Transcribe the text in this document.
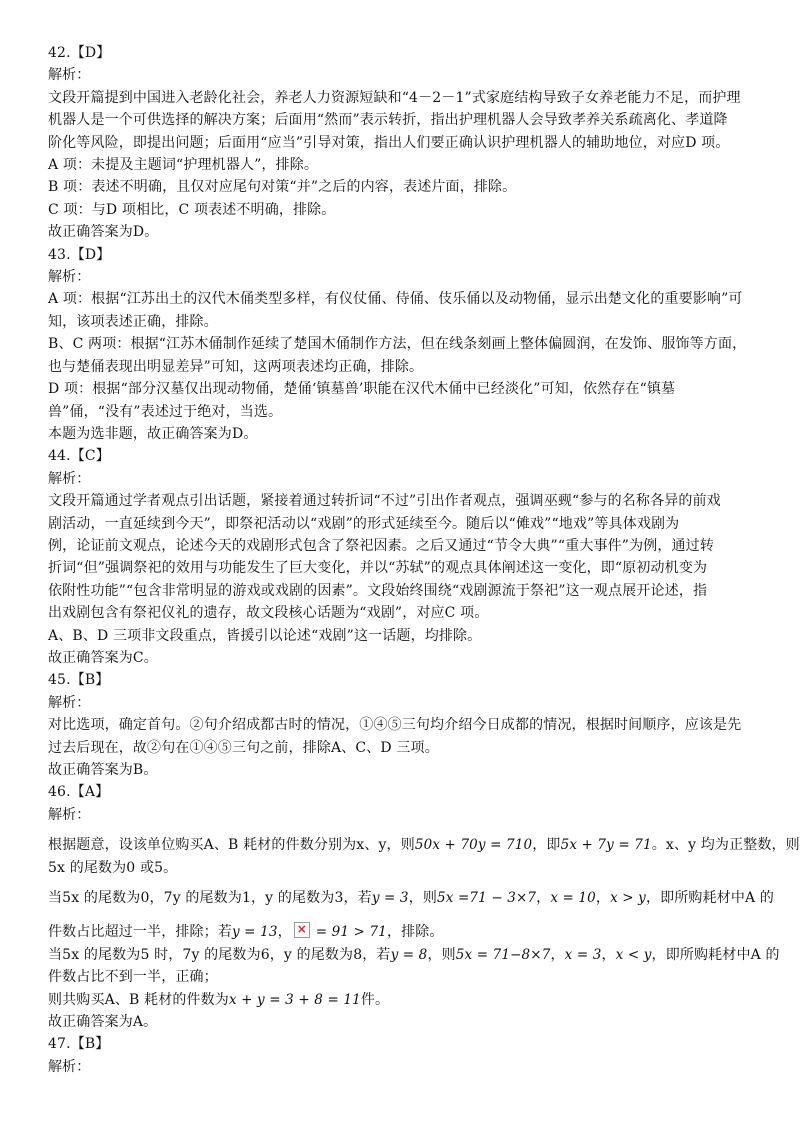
42.【D】
解析：
文段开篇提到中国进入老龄化社会，养老人力资源短缺和“4－2－1”式家庭结构导致子女养老能力不足，而护理
机器人是一个可供选择的解决方案；后面用“然而”表示转折，指出护理机器人会导致孝养关系疏离化、孝道降
阶化等风险，即提出问题；后面用“应当”引导对策，指出人们要正确认识护理机器人的辅助地位，对应D 项。
A 项：未提及主题词“护理机器人”，排除。
B 项：表述不明确，且仅对应尾句对策“并”之后的内容，表述片面，排除。
C 项：与D 项相比，C 项表述不明确，排除。
故正确答案为D。
43.【D】
解析：
A 项：根据“江苏出土的汉代木俑类型多样，有仪仗俑、侍俑、伎乐俑以及动物俑，显示出楚文化的重要影响”可
知，该项表述正确，排除。
B、C 两项：根据“江苏木俑制作延续了楚国木俑制作方法，但在线条刻画上整体偏圆润，在发饰、服饰等方面，
也与楚俑表现出明显差异”可知，这两项表述均正确，排除。
D 项：根据“部分汉墓仅出现动物俑，楚俑‘镇墓兽’职能在汉代木俑中已经淡化”可知，依然存在“镇墓
兽”俑，“没有”表述过于绝对，当选。
本题为选非题，故正确答案为D。
44.【C】
解析：
文段开篇通过学者观点引出话题，紧接着通过转折词“不过”引出作者观点，强调巫觋“参与的名称各异的前戏
剧活动，一直延续到今天”，即祭祀活动以“戏剧”的形式延续至今。随后以“傩戏”“地戏”等具体戏剧为
例，论证前文观点，论述今天的戏剧形式包含了祭祀因素。之后又通过“节令大典”“重大事件”为例，通过转
折词“但”强调祭祀的效用与功能发生了巨大变化，并以“苏轼”的观点具体阐述这一变化，即“原初动机变为
依附性功能”“包含非常明显的游戏或戏剧的因素”。文段始终围绕“戏剧源流于祭祀”这一观点展开论述，指
出戏剧包含有祭祀仪礼的遗存，故文段核心话题为“戏剧”，对应C 项。
A、B、D 三项非文段重点，皆援引以论述“戏剧”这一话题，均排除。
故正确答案为C。
45.【B】
解析：
对比选项，确定首句。②句介绍成都古时的情况，①④⑤三句均介绍今日成都的情况，根据时间顺序，应该是先
过去后现在，故②句在①④⑤三句之前，排除A、C、D 三项。
故正确答案为B。
46.【A】
解析：
根据题意，设该单位购买A、B 耗材的件数分别为x、y，则50x + 70y = 710，即5x + 7y = 71。x、y 均为正整数，则
5x 的尾数为0 或5。
当5x 的尾数为0，7y 的尾数为1，y 的尾数为3，若y = 3，则5x =71 − 3×7，x = 10，x > y，即所购耗材中A 的
件数占比超过一半，排除；若y = 13，× = 91 > 71，排除。
当5x 的尾数为5 时，7y 的尾数为6，y 的尾数为8，若y = 8，则5x = 71−8×7，x = 3，x < y，即所购耗材中A 的
件数占比不到一半，正确；
则共购买A、B 耗材的件数为x + y = 3 + 8 = 11件。
故正确答案为A。
47.【B】
解析：
